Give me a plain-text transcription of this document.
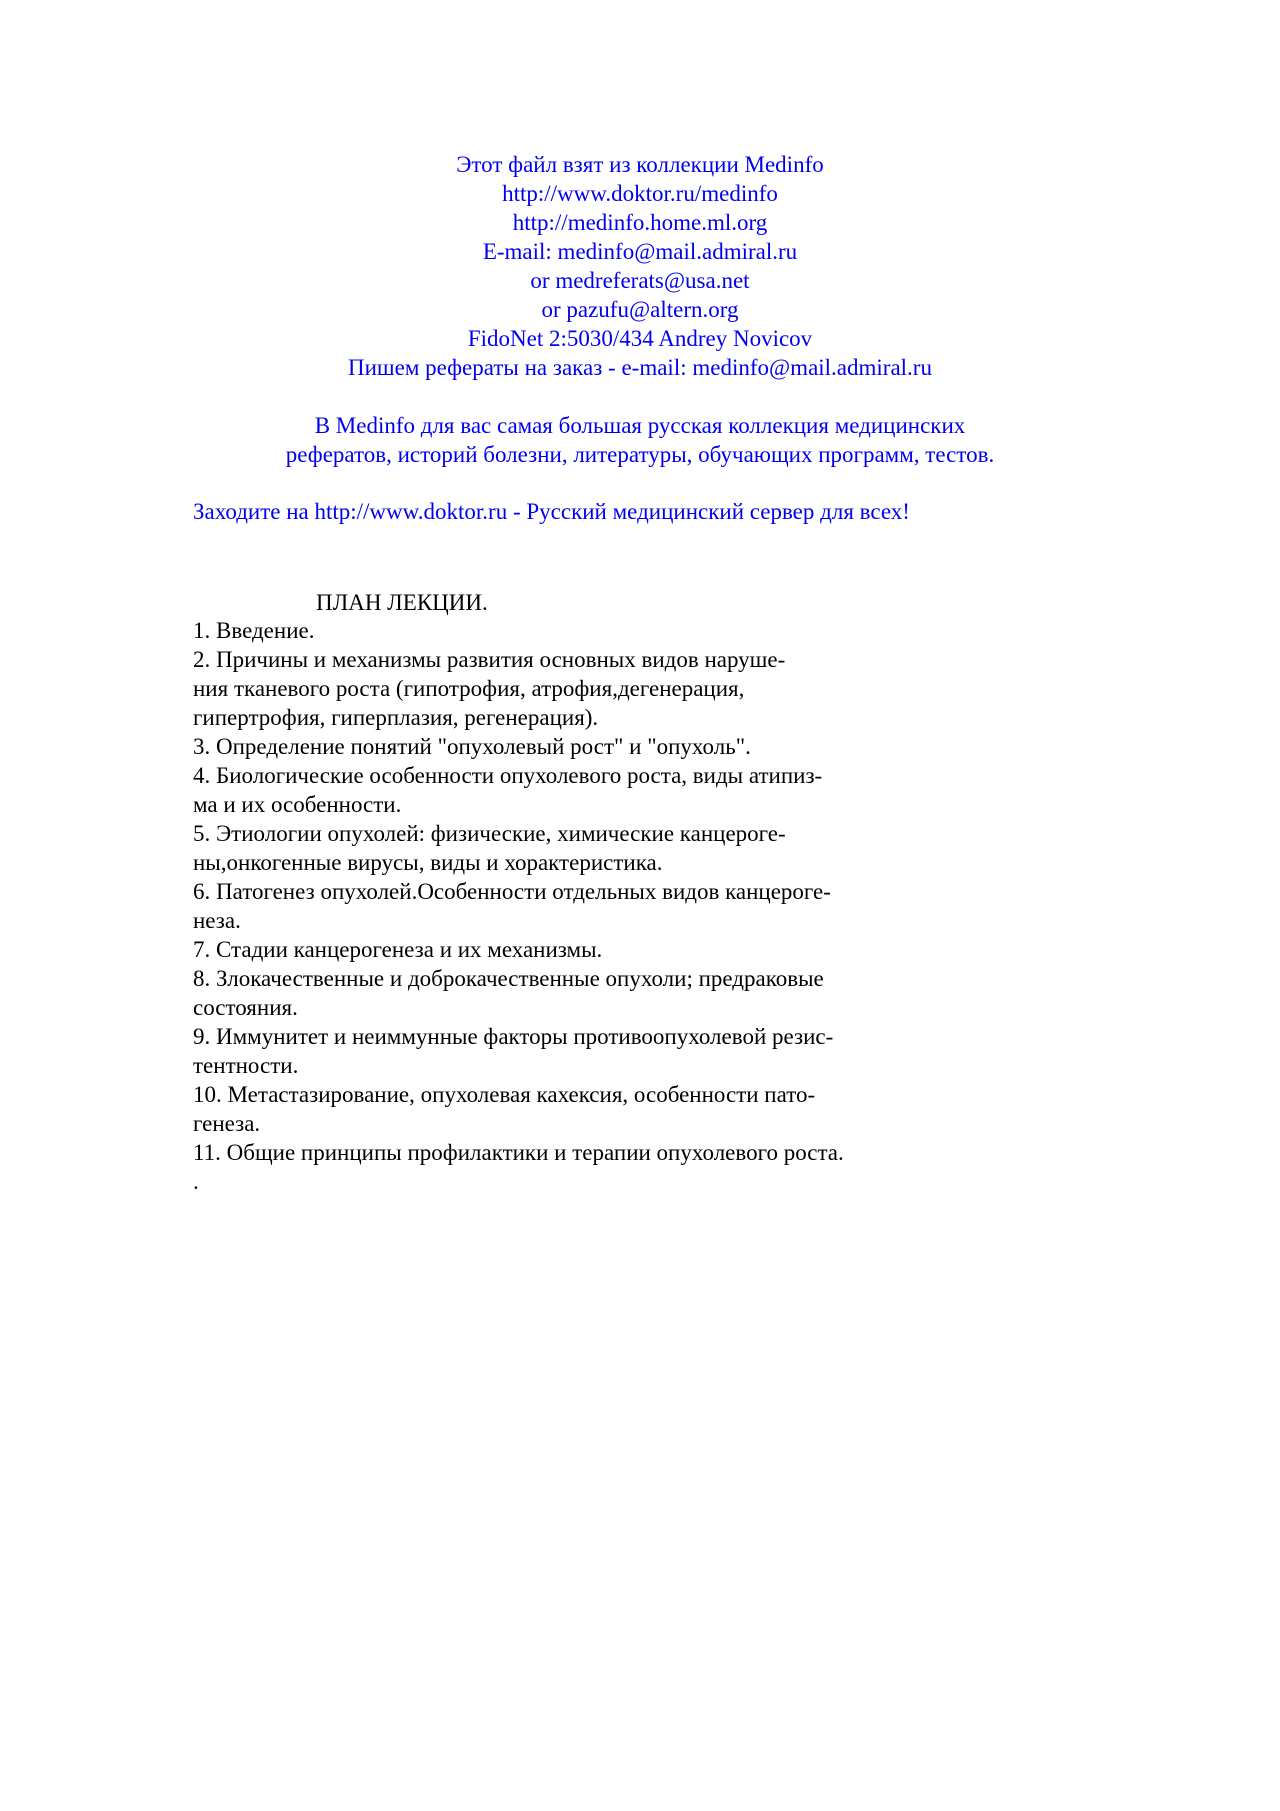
Этот файл взят из коллекции Medinfo
http://www.doktor.ru/medinfo
http://medinfo.home.ml.org
E-mail: medinfo@mail.admiral.ru
or medreferats@usa.net
or pazufu@altern.org
FidoNet 2:5030/434 Andrey Novicov
Пишем рефераты на заказ - e-mail: medinfo@mail.admiral.ru
В Medinfo для вас самая большая русская коллекция медицинских
рефератов, историй болезни, литературы, обучающих программ, тестов.
Заходите на http://www.doktor.ru - Русский медицинский сервер для всех!
ПЛАН ЛЕКЦИИ.
1. Введение.
2. Причины и механизмы развития основных видов наруше-
ния тканевого роста (гипотрофия, атрофия,дегенерация,
гипертрофия, гиперплазия, регенерация).
3. Определение понятий "опухолевый рост" и "опухоль".
4. Биологические особенности опухолевого роста, виды атипиз-
ма и их особенности.
5. Этиологии опухолей: физические, химические канцероге-
ны,онкогенные вирусы, виды и хорактеристика.
6. Патогенез опухолей.Особенности отдельных видов канцероге-
неза.
7. Стадии канцерогенеза и их механизмы.
8. Злокачественные и доброкачественные опухоли; предраковые
состояния.
9. Иммунитет и неиммунные факторы противоопухолевой резис-
тентности.
10. Метастазирование, опухолевая кахексия, особенности пато-
генеза.
11. Общие принципы профилактики и терапии опухолевого роста.
.
